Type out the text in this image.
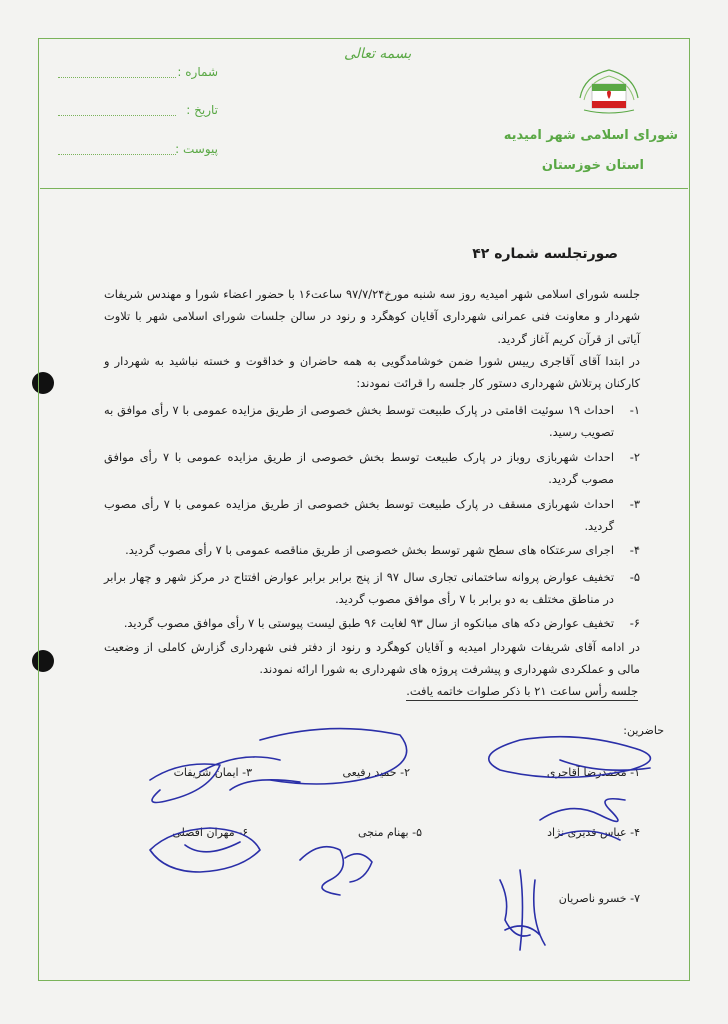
بسمه تعالی
شماره :
تاریخ :
پیوست :
شورای اسلامی شهر امیدیه
استان خوزستان
صورتجلسه شماره ۴۲
جلسه شورای اسلامی شهر امیدیه روز سه شنبه مورخ۹۷/۷/۲۴ ساعت۱۶ با حضور اعضاء شورا و مهندس شریفات شهردار و معاونت فنی عمرانی شهرداری آقایان کوهگرد و رنود در سالن جلسات شورای اسلامی شهر با تلاوت آیاتی از قرآن کریم آغاز گردید.
در ابتدا آقای آقاجری رییس شورا ضمن خوشامدگویی به همه حاضران و خداقوت و خسته نباشید به شهردار و کارکنان پرتلاش شهرداری دستور کار جلسه را قرائت نمودند:
۱-
احداث ۱۹ سوئیت اقامتی در پارک طبیعت توسط بخش خصوصی از طریق مزایده عمومی با ۷ رأی موافق به تصویب رسید.
۲-
احداث شهربازی روباز در پارک طبیعت توسط بخش خصوصی از طریق مزایده عمومی با ۷ رأی موافق مصوب گردید.
۳-
احداث شهربازی مسقف در پارک طبیعت توسط بخش خصوصی از طریق مزایده عمومی با ۷ رأی مصوب گردید.
۴-
اجرای سرعتکاه های سطح شهر توسط بخش خصوصی از طریق مناقصه عمومی با ۷ رأی مصوب گردید.
۵-
تخفیف عوارض پروانه ساختمانی تجاری سال ۹۷ از پنج برابر برابر عوارض افتتاح در مرکز شهر و چهار برابر در مناطق مختلف به دو برابر با ۷ رأی موافق مصوب گردید.
۶-
تخفیف عوارض دکه های مبانکوه از سال ۹۳ لغایت ۹۶ طبق لیست پیوستی با ۷ رأی موافق مصوب گردید.
در ادامه آقای شریفات شهردار امیدیه و آقایان کوهگرد و رنود از دفتر فنی شهرداری گزارش کاملی از وضعیت مالی و عملکردی شهرداری و پیشرفت پروژه های شهرداری به شورا ارائه نمودند.
جلسه رأس ساعت ۲۱ با ذکر صلوات خاتمه یافت.
حاضرین:
۱- محمدرضا آقاجری
۲- حمید رفیعی
۳- ایمان شریفات
۴- عباس قدیری نژاد
۵- بهنام منجی
۶- مهران افضلی
۷- خسرو ناصریان
